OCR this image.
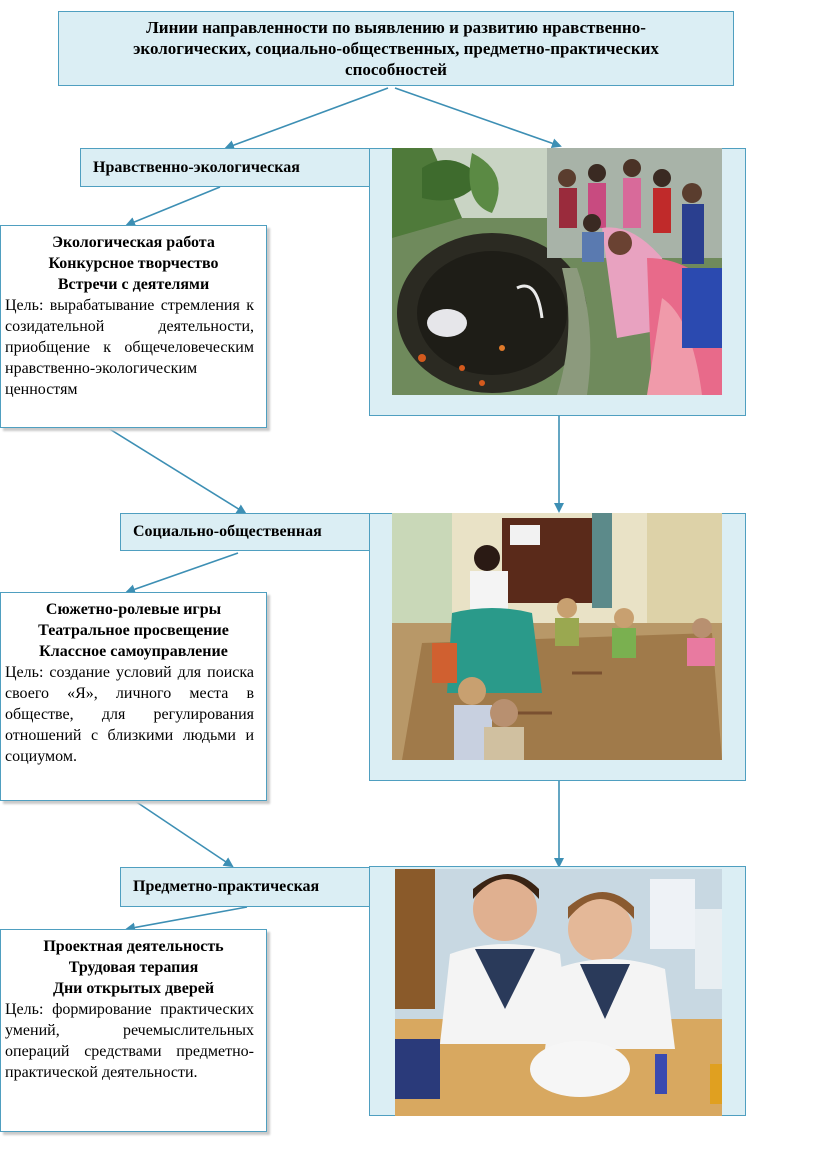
Линии направленности по выявлению и развитию нравственно-
экологических, социально-общественных, предметно-практических
способностей
Нравственно-экологическая
Экологическая работа
Конкурсное творчество
Встречи с деятелями
Цель: вырабатывание стремления к созидательной деятельности, приобщение к общечеловеческим нравственно-экологическим ценностям
Социально-общественная
Сюжетно-ролевые игры
Театральное просвещение
Классное самоуправление
Цель: создание условий для поиска своего «Я», личного места в обществе, для регулирования отношений с близкими людьми и социумом.
Предметно-практическая
Проектная деятельность
Трудовая терапия
Дни открытых дверей
Цель: формирование практических умений, речемыслительных операций средствами предметно-практической деятельности.
